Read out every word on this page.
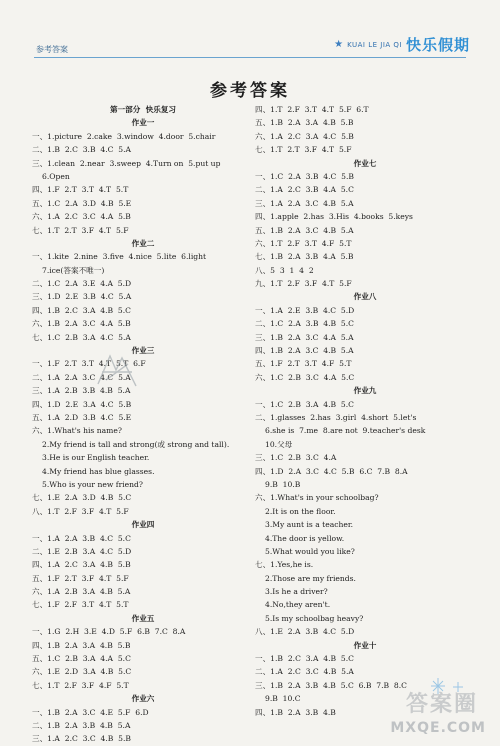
参考答案	★ KUAI LE JIA QI 快乐假期
参考答案
第一部分  快乐复习
作业一
一、1.picture  2.cake  3.window  4.door  5.chair
二、1.B  2.C  3.B  4.C  5.A
三、1.clean  2.near  3.sweep  4.Turn on  5.put up
6.Open
四、1.F  2.T  3.T  4.T  5.T
五、1.C  2.A  3.D  4.B  5.E
六、1.A  2.C  3.C  4.A  5.B
七、1.T  2.T  3.F  4.T  5.F
作业二
一、1.kite  2.nine  3.five  4.nice  5.lite  6.light
7.ice(答案不唯一)
二、1.C  2.A  3.E  4.A  5.D
三、1.D  2.E  3.B  4.C  5.A
四、1.B  2.C  3.A  4.B  5.C
六、1.B  2.A  3.C  4.A  5.B
七、1.C  2.B  3.A  4.C  5.A
作业三
一、1.F  2.T  3.T  4.T  5.T  6.F
二、1.A  2.A  3.C  4.C  5.A
三、1.A  2.B  3.B  4.B  5.A
四、1.D  2.E  3.A  4.C  5.B
五、1.A  2.D  3.B  4.C  5.E
六、1.What's his name?
2.My friend is tall and strong(或 strong and tall).
3.He is our English teacher.
4.My friend has blue glasses.
5.Who is your new friend?
七、1.E  2.A  3.D  4.B  5.C
八、1.T  2.F  3.F  4.T  5.F
作业四
一、1.A  2.A  3.B  4.C  5.C
二、1.E  2.B  3.A  4.C  5.D
四、1.A  2.C  3.A  4.B  5.B
五、1.F  2.T  3.F  4.T  5.F
六、1.A  2.B  3.A  4.B  5.A
七、1.F  2.F  3.T  4.T  5.T
作业五
一、1.G  2.H  3.E  4.D  5.F  6.B  7.C  8.A
四、1.B  2.A  3.A  4.B  5.B
五、1.C  2.B  3.A  4.A  5.C
六、1.E  2.D  3.A  4.B  5.C
七、1.T  2.F  3.F  4.F  5.T
作业六
一、1.B  2.A  3.C  4.E  5.F  6.D
二、1.B  2.A  3.B  4.B  5.A
三、1.A  2.C  3.C  4.B  5.B
四、1.T  2.F  3.T  4.T  5.F  6.T
五、1.B  2.A  3.A  4.B  5.B
六、1.A  2.C  3.A  4.C  5.B
七、1.T  2.T  3.F  4.T  5.F
作业七
一、1.C  2.A  3.B  4.C  5.B
二、1.A  2.C  3.B  4.A  5.C
三、1.A  2.A  3.C  4.B  5.A
四、1.apple  2.has  3.His  4.books  5.keys
五、1.B  2.A  3.C  4.B  5.A
六、1.T  2.F  3.T  4.F  5.T
七、1.B  2.A  3.B  4.A  5.B
八、5  3  1  4  2
九、1.T  2.F  3.F  4.T  5.F
作业八
一、1.A  2.E  3.B  4.C  5.D
二、1.C  2.A  3.B  4.B  5.C
三、1.B  2.A  3.C  4.A  5.A
四、1.B  2.A  3.C  4.B  5.A
五、1.F  2.T  3.T  4.F  5.T
六、1.C  2.B  3.C  4.A  5.C
作业九
一、1.C  2.B  3.A  4.B  5.C
二、1.glasses  2.has  3.girl  4.short  5.let's
6.she is  7.me  8.are not  9.teacher's desk
10.父母
三、1.C  2.B  3.C  4.A
四、1.D  2.A  3.C  4.C  5.B  6.C  7.B  8.A
9.B  10.B
六、1.What's in your schoolbag?
2.It is on the floor.
3.My aunt is a teacher.
4.The door is yellow.
5.What would you like?
七、1.Yes,he is.
2.Those are my friends.
3.Is he a driver?
4.No,they aren't.
5.Is my schoolbag heavy?
八、1.E  2.A  3.B  4.C  5.D
作业十
一、1.B  2.C  3.A  4.B  5.C
二、1.A  2.C  3.C  4.B  5.A
三、1.B  2.A  3.B  4.B  5.C  6.B  7.B  8.C
9.B  10.C
四、1.B  2.A  3.B  4.B	答案圈
MXQE.COM
